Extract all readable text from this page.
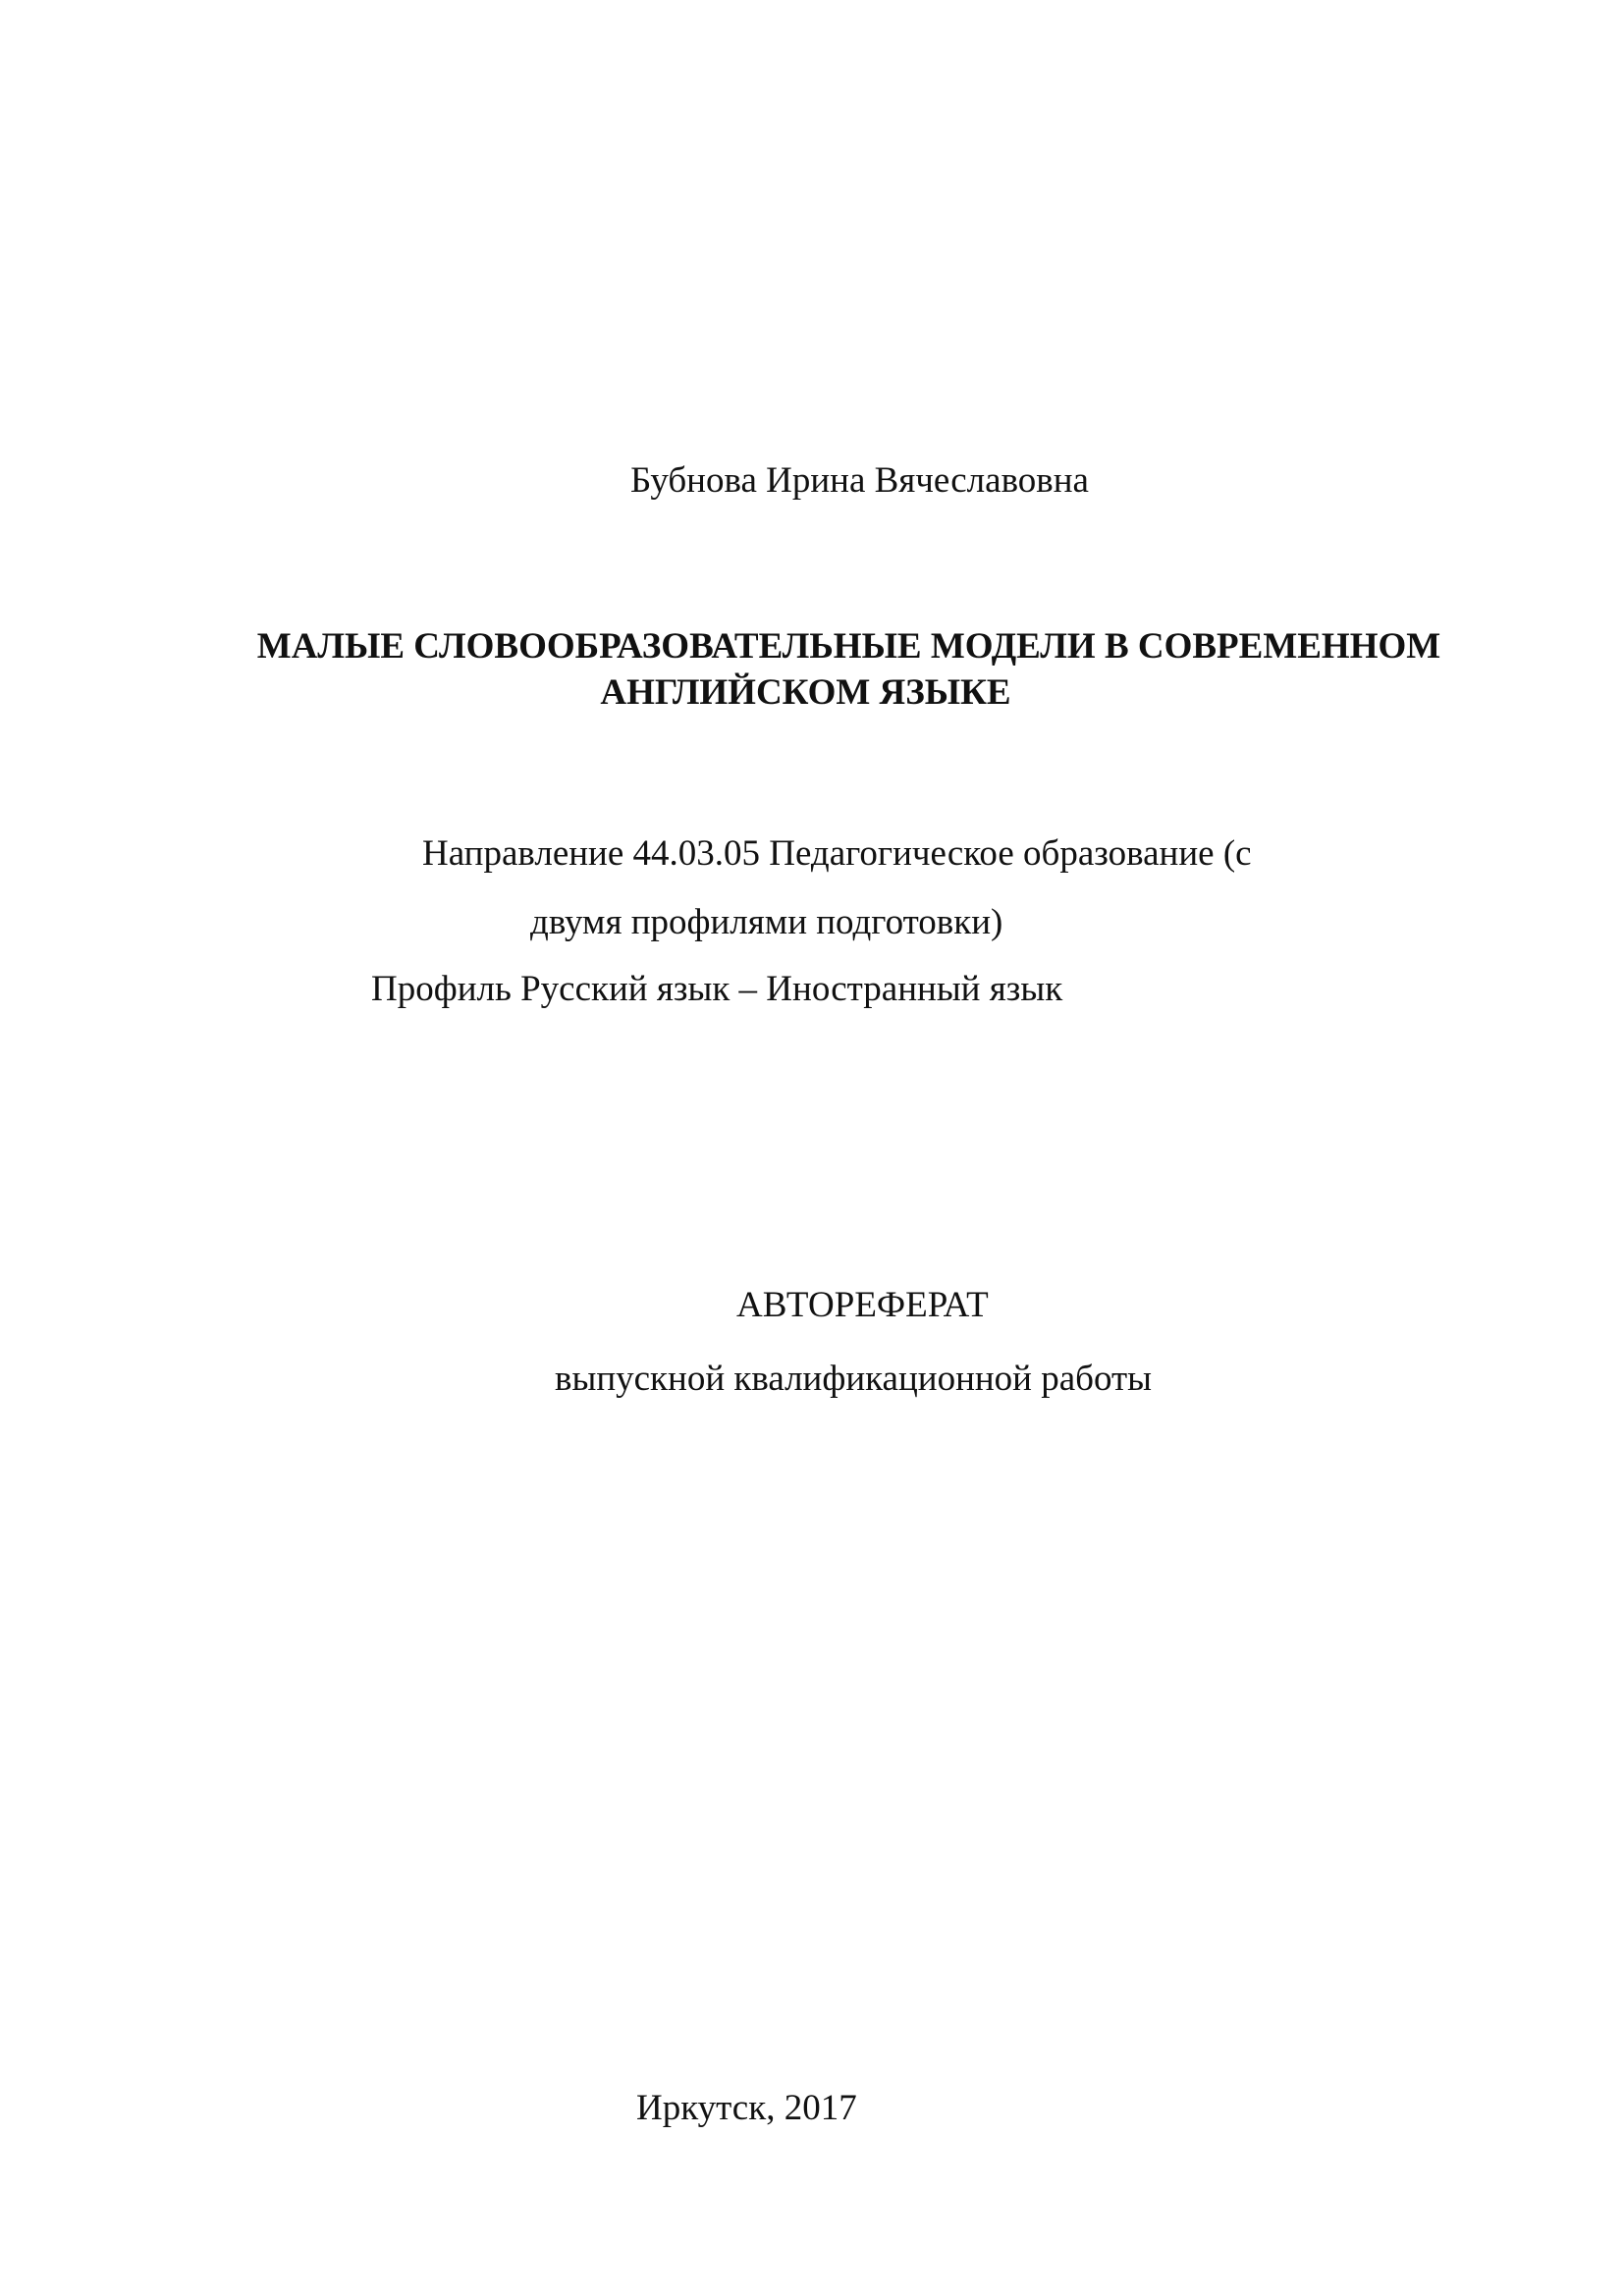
Бубнова Ирина Вячеславовна
МАЛЫЕ СЛОВООБРАЗОВАТЕЛЬНЫЕ МОДЕЛИ В СОВРЕМЕННОМ
АНГЛИЙСКОМ ЯЗЫКЕ
Направление 44.03.05 Педагогическое образование (с
двумя профилями подготовки)
Профиль Русский язык – Иностранный язык
АВТОРЕФЕРАТ
выпускной квалификационной работы
Иркутск, 2017
